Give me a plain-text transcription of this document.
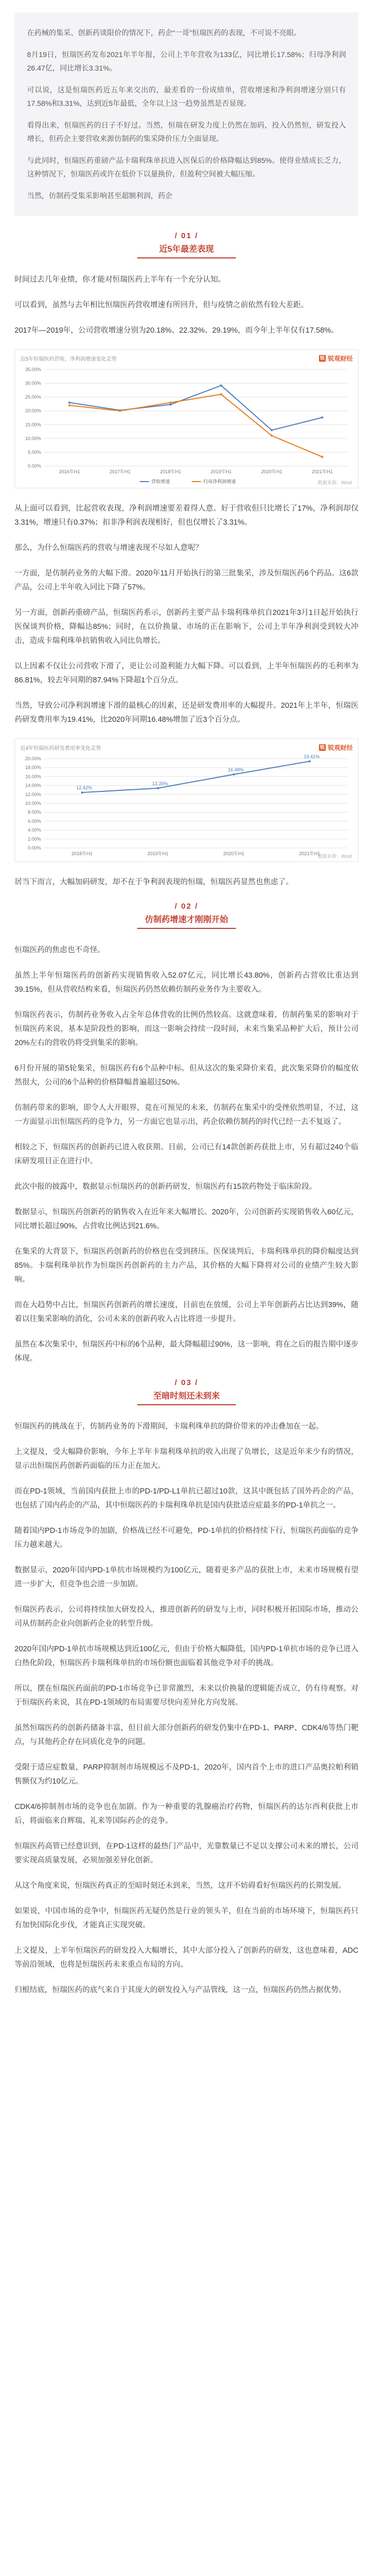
在药械的集采、创新药谈限价的情况下，药企“一哥”恒瑞医药的表现，不可说不亮眼。

8月19日，恒瑞医药发布2021年半年报，公司上半年营收为133亿，同比增长17.58%；归母净利润26.47亿，同比增长3.31%。

可以说，这是恒瑞医药近五年来交出的，最差看的一份成绩单，营收增速和净利润增速分别只有17.58%和3.31%，达到近5年最低，全年以上这一趋势虽然是否显现。

看得出来，恒瑞医药的日子不好过。当然，恒瑞在研发力度上仍然在加码，投入仍然恒，研发投入增长，但药企主要营收来源仿制药的集采降价压力全面显现。

与此同时，恒瑞医药重磅产品卡瑞利珠单抗进入医保后的价格降幅达到85%。使得业绩成长乏力，这种情况下，恒瑞医药或许在低价下以量换价，但盈利空间被大幅压缩。

当然，仿制药受集采影响甚至超额利润，药企

/ 01 /
近5年最差表现

时间过去几年业绩，你才能对恒瑞医药上半年有一个充分认知。

可以看到，虽然与去年相比恒瑞医药营收增速有所回升，但与疫情之前依然有较大差距。

2017年—2019年，公司营收增速分别为20.18%、22.32%、29.19%，而今年上半年仅有17.58%。

近5年恒瑞医药营收、净利润增速变化走势	锐 锐观财经
0.00%
5.00%
10.00%
15.00%
20.00%
25.00%
30.00%
35.00%
2016年H1	2017年H1	2018年H1	2019年H1	2020年H1	2021年H1
营收增速	归母净利润增速	数据来源：Wind

从上面可以看到，比起营收表现，净利润增速要差着得人意。好于营收但只比增长了17%，净利润却仅3.31%，增速只有0.37%；扣非净利润表现相好，但也仅增长了3.31%。

那么，为什么恒瑞医药的营收与增速表现不尽如人意呢？

一方面，是仿制药业务的大幅下滑。2020年11月开始执行的第三批集采，涉及恒瑞医药6个药品。这6款产品，公司上半年收入同比下降了57%。

另一方面，创新药重磅产品，恒瑞医药系示，创新药主要产品卡瑞利珠单抗自2021年3月1日起开始执行医保谈判价格，降幅达85%；同时，在以价换量、市场的正在影响下，公司上半年净利润受到较大冲击，造成卡瑞利珠单抗销售收入同比负增长。

以上因素不仅让公司营收下滑了，更让公司盈利能力大幅下降。可以看到，上半年恒瑞医药的毛利率为86.81%，较去年同期的87.94%下降超1个百分点。

当然，导致公司净利润增速下滑的最核心的因素，还是研发费用率的大幅提升。2021年上半年，恒瑞医药研发费用率为19.41%，比2020年同期16.48%增加了近3个百分点。

近4年恒瑞医药研发费用率变化走势	锐 锐观财经
0.00%
2.00%
4.00%
6.00%
8.00%
10.00%
12.00%
14.00%
16.00%
18.00%
20.00%
2018年H1	2019年H1	2020年H1	2021年H1
12.42%
13.39%
16.48%
19.41%
数据来源：Wind

居当下而言，大幅加码研发，却不在于争利润表现的恒瑞，恒瑞医药显然也焦虑了。

/ 02 /
仿制药增速才刚刚开始

恒瑞医药的焦虑也不奇怪。

虽然上半年恒瑞医药的创新药实现销售收入52.07亿元，同比增长43.80%，创新药占营收比重达到39.15%，但从营收结构来看，恒瑞医药仍然依赖仿制药业务作为主要收入。

恒瑞医药表示，仿制药业务收入占全年总体营收的比例仍然较高。这就意味着，仿制药集采的影响对于恒瑞医药来说，基本是阶段性的影响，而这一影响会持续一段时间，未来当集采品种扩大后，预计公司20%左右的营收仍将受到集采的影响。

6月份开展的第5轮集采，恒瑞医药有6个品种中标。但从这次的集采降价来看，此次集采降价的幅度依然很大，公司的6个品种的价格降幅普遍超过50%。

仿制药带来的影响，即令人大开眼界，竟在可预见的未来，仿制药在集采中的受挫依然明显，不过，这一方面显示出恒瑞医药的竞争力，另一方面它也显示出，药企依赖仿制药的时代已经一去不复返了。

相较之下，恒瑞医药的创新药已进入收获期。目前，公司已有14款创新药获批上市，另有超过240个临床研发项目正在进行中。

此次中报的披露中，数据显示恒瑞医药的创新药研发，恒瑞医药有15款药物处于临床阶段。

数据显示，恒瑞医药创新药的销售收入在近年来大幅增长。2020年，公司创新药实现销售收入60亿元，同比增长超过90%，占营收比例达到21.6%。

在集采的大背景下，恒瑞医药创新药的价格也在受到挤压。医保谈判后，卡瑞利珠单抗的降价幅度达到85%。卡瑞利珠单抗作为恒瑞医药创新药的主力产品，其价格的大幅下降将对公司的业绩产生较大影响。

而在大趋势中占比，恒瑞医药创新药的增长速度，目前也在放缓，公司上半年创新药占比达到39%，随着以往集采影响的消化，公司未来的创新药收入占比将进一步提升。

虽然在本次集采中，恒瑞医药中标的6个品种，最大降幅超过90%，这一影响，将在之后的报告期中逐步体现。

/ 03 /
至暗时刻还未到来

恒瑞医药的挑战在于，仿制药业务的下滑期间，卡瑞利珠单抗的降价带来的冲击叠加在一起。

上文提及，受大幅降价影响，今年上半年卡瑞利珠单抗的收入出现了负增长，这是近年来少有的情况，显示出恒瑞医药创新药面临的压力正在加大。

而在PD-1领域，当前国内获批上市的PD-1/PD-L1单抗已超过10款，这其中既包括了国外药企的产品，也包括了国内药企的产品，其中恒瑞医药的卡瑞利珠单抗是国内获批适应症最多的PD-1单抗之一。

随着国内PD-1市场竞争的加剧，价格战已经不可避免，PD-1单抗的价格持续下行，恒瑞医药面临的竞争压力越来越大。

数据显示，2020年国内PD-1单抗市场规模约为100亿元，随着更多产品的获批上市，未来市场规模有望进一步扩大，但竞争也会进一步加剧。

恒瑞医药表示，公司将持续加大研发投入，推进创新药的研发与上市，同时积极开拓国际市场，推动公司从仿制药企业向创新药企业的转型升级。

2020年国内PD-1单抗市场规模达到近100亿元，但由于价格大幅降低，国内PD-1单抗市场的竞争已进入白热化阶段，恒瑞医药卡瑞利珠单抗的市场份额也面临着其他竞争对手的挑战。

所以，摆在恒瑞医药面前的PD-1市场竞争已非常激烈，未来以价换量的逻辑能否成立，仍有待观察。对于恒瑞医药来说，其在PD-1领域的布局需要尽快向差异化方向发展。

虽然恒瑞医药的创新药储备丰富，但目前大部分创新药的研发仍集中在PD-1、PARP、CDK4/6等热门靶点，与其他药企存在同质化竞争的问题。

受限于适应症数量，PARP抑制剂市场规模远不及PD-1，2020年，国内首个上市的进口产品奥拉帕利销售额仅为约10亿元。

CDK4/6抑制剂市场的竞争也在加剧。作为一种重要的乳腺癌治疗药物，恒瑞医药的达尔西利获批上市后，将面临来自辉瑞、礼来等国际药企的竞争。

恒瑞医药高管已经意识到，在PD-1这样的最热门产品中，光靠数量已不足以支撑公司未来的增长，公司要实现高质量发展，必须加强差异化创新。

从这个角度来说，恒瑞医药真正的至暗时刻还未到来，当然，这并不妨碍看好恒瑞医药的长期发展。

如果说，中国市场的竞争中，恒瑞医药无疑仍然是行业的领头羊，但在当前的市场环境下，恒瑞医药只有加快国际化步伐，才能真正实现突破。

上文提及，上半年恒瑞医药的研发投入大幅增长，其中大部分投入了创新药的研发，这也意味着，ADC等前沿领域，也将是恒瑞医药未来重点布局的方向。

归根结底，恒瑞医药的底气来自于其庞大的研发投入与产品管线，这一点，恒瑞医药仍然占据优势。
